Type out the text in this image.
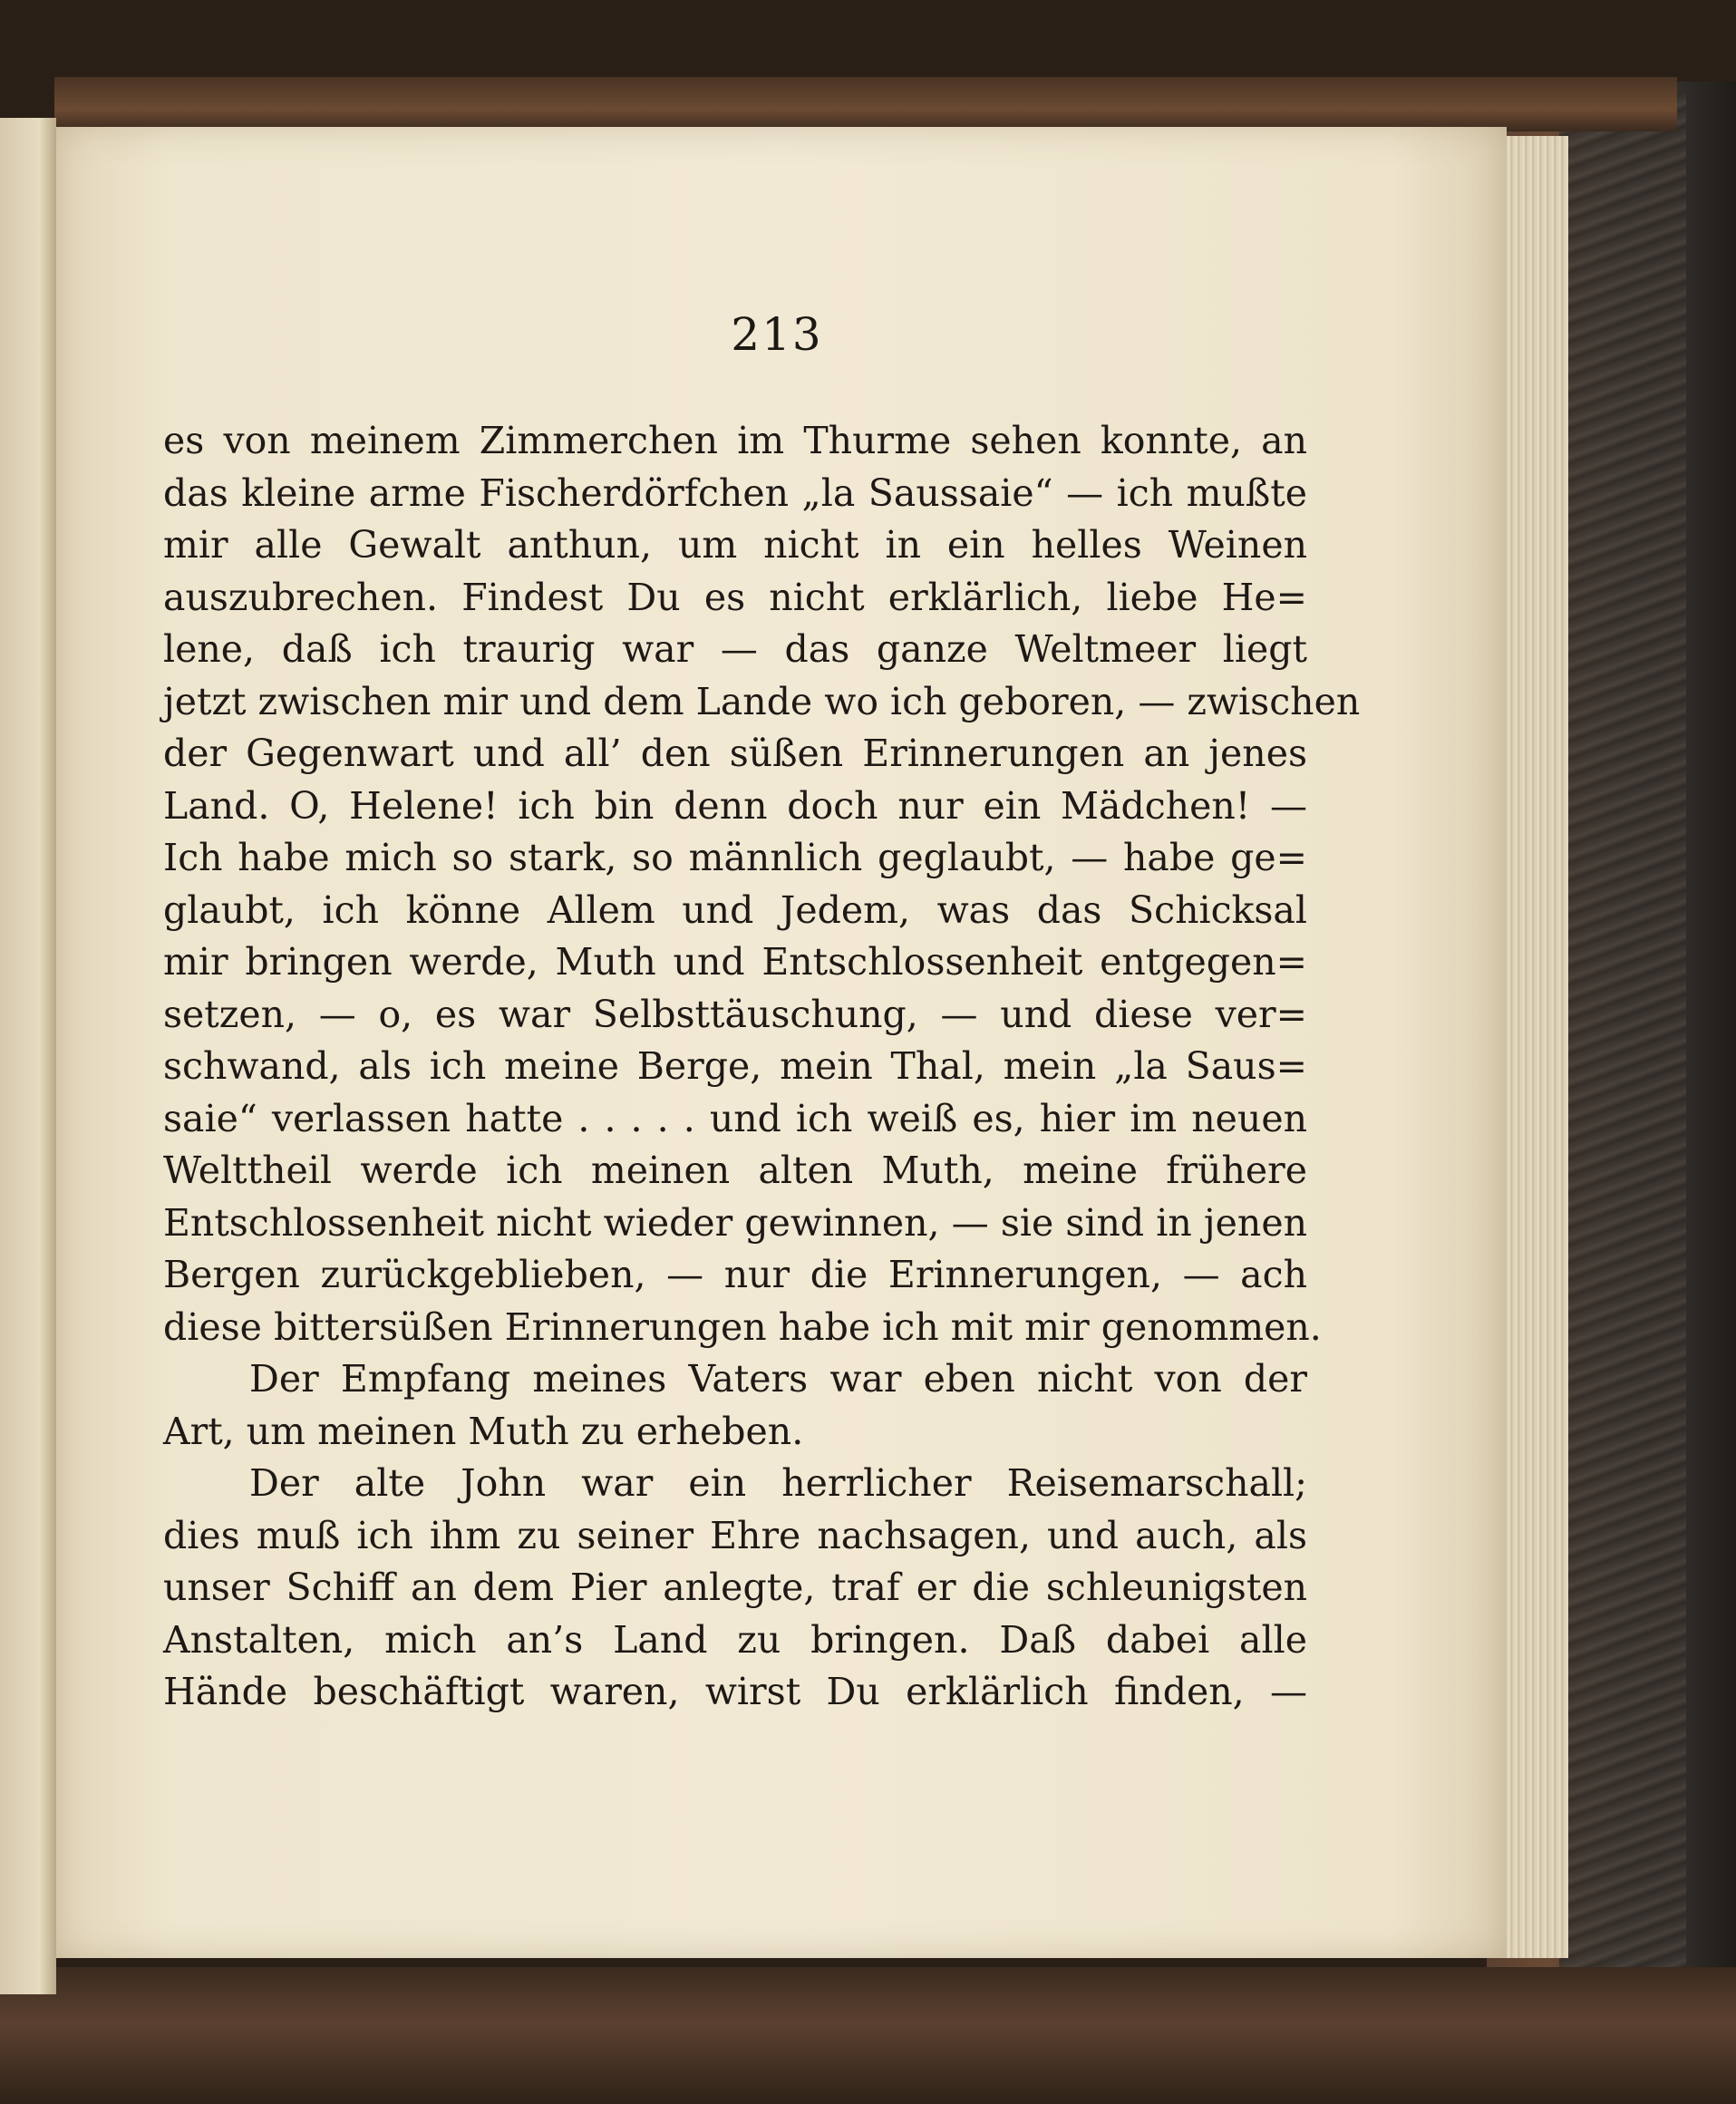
213
es von meinem Zimmerchen im Thurme sehen konnte, an
das kleine arme Fischerdörfchen „la Saussaie“ — ich mußte
mir alle Gewalt anthun, um nicht in ein helles Weinen
auszubrechen. Findest Du es nicht erklärlich, liebe He=
lene, daß ich traurig war — das ganze Weltmeer liegt
jetzt zwischen mir und dem Lande wo ich geboren, — zwischen
der Gegenwart und all’ den süßen Erinnerungen an jenes
Land. O, Helene! ich bin denn doch nur ein Mädchen! —
Ich habe mich so stark, so männlich geglaubt, — habe ge=
glaubt, ich könne Allem und Jedem, was das Schicksal
mir bringen werde, Muth und Entschlossenheit entgegen=
setzen, — o, es war Selbsttäuschung, — und diese ver=
schwand, als ich meine Berge, mein Thal, mein „la Saus=
saie“ verlassen hatte . . . . . und ich weiß es, hier im neuen
Welttheil werde ich meinen alten Muth, meine frühere
Entschlossenheit nicht wieder gewinnen, — sie sind in jenen
Bergen zurückgeblieben, — nur die Erinnerungen, — ach
diese bittersüßen Erinnerungen habe ich mit mir genommen.
Der Empfang meines Vaters war eben nicht von der
Art, um meinen Muth zu erheben.
Der alte John war ein herrlicher Reisemarschall;
dies muß ich ihm zu seiner Ehre nachsagen, und auch, als
unser Schiff an dem Pier anlegte, traf er die schleunigsten
Anstalten, mich an’s Land zu bringen. Daß dabei alle
Hände beschäftigt waren, wirst Du erklärlich finden, —
